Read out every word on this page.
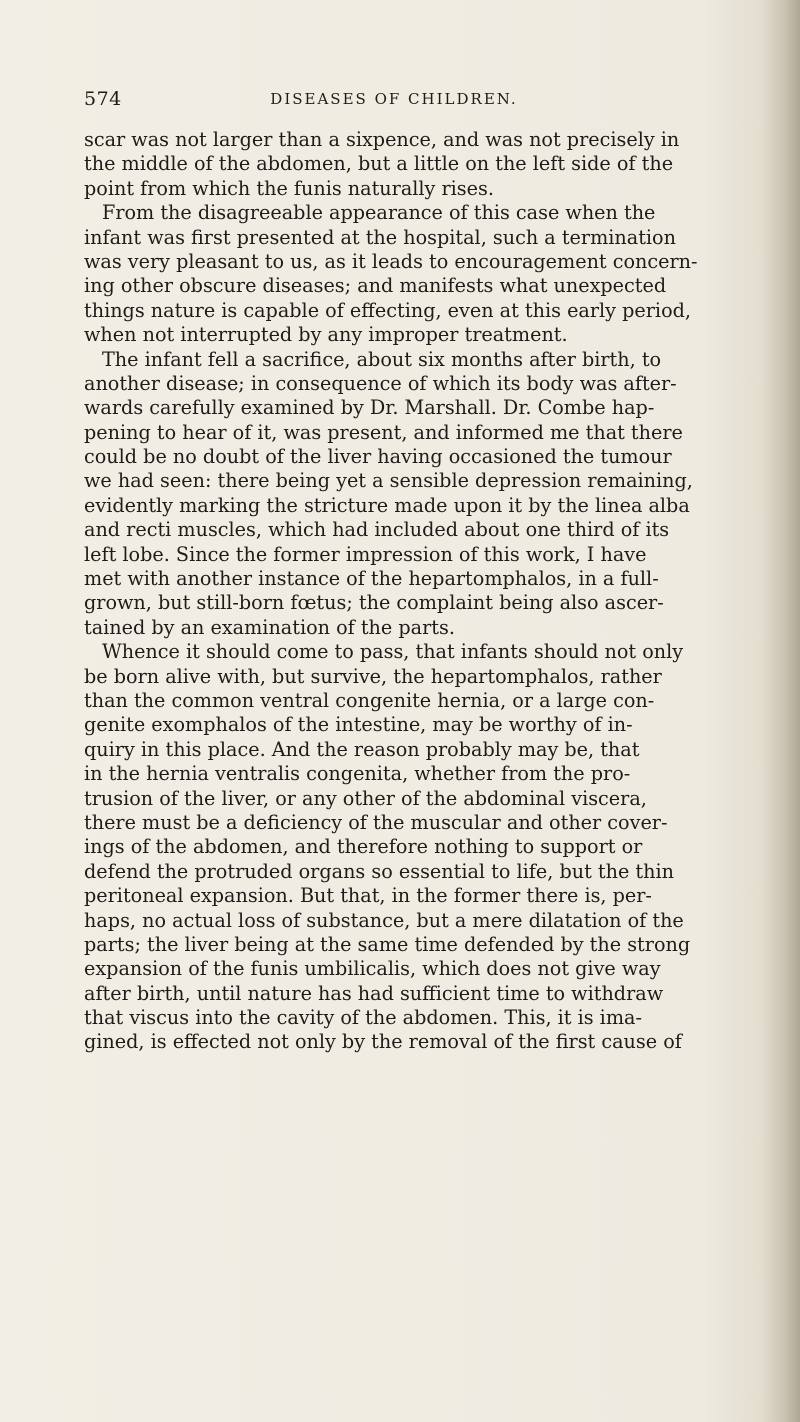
574	DISEASES OF CHILDREN.
scar was not larger than a sixpence, and was not precisely in
the middle of the abdomen, but a little on the left side of the
point from which the funis naturally rises.
From the disagreeable appearance of this case when the
infant was first presented at the hospital, such a termination
was very pleasant to us, as it leads to encouragement concern-
ing other obscure diseases; and manifests what unexpected
things nature is capable of effecting, even at this early period,
when not interrupted by any improper treatment.
The infant fell a sacrifice, about six months after birth, to
another disease; in consequence of which its body was after-
wards carefully examined by Dr. Marshall. Dr. Combe hap-
pening to hear of it, was present, and informed me that there
could be no doubt of the liver having occasioned the tumour
we had seen: there being yet a sensible depression remaining,
evidently marking the stricture made upon it by the linea alba
and recti muscles, which had included about one third of its
left lobe. Since the former impression of this work, I have
met with another instance of the hepartomphalos, in a full-
grown, but still-born fœtus; the complaint being also ascer-
tained by an examination of the parts.
Whence it should come to pass, that infants should not only
be born alive with, but survive, the hepartomphalos, rather
than the common ventral congenite hernia, or a large con-
genite exomphalos of the intestine, may be worthy of in-
quiry in this place. And the reason probably may be, that
in the hernia ventralis congenita, whether from the pro-
trusion of the liver, or any other of the abdominal viscera,
there must be a deficiency of the muscular and other cover-
ings of the abdomen, and therefore nothing to support or
defend the protruded organs so essential to life, but the thin
peritoneal expansion. But that, in the former there is, per-
haps, no actual loss of substance, but a mere dilatation of the
parts; the liver being at the same time defended by the strong
expansion of the funis umbilicalis, which does not give way
after birth, until nature has had sufficient time to withdraw
that viscus into the cavity of the abdomen. This, it is ima-
gined, is effected not only by the removal of the first cause of
